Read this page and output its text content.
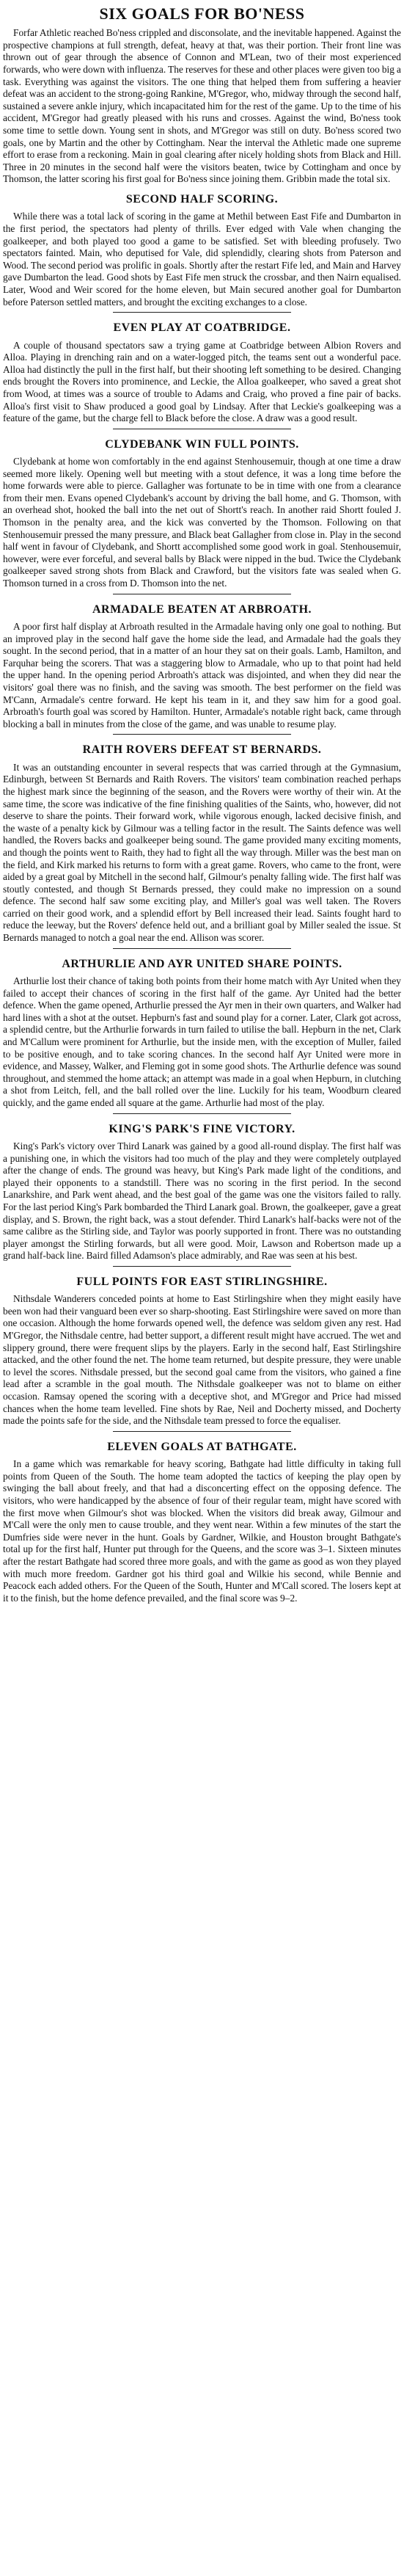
SIX GOALS FOR BO'NESS

Forfar Athletic reached Bo'ness crippled and disconsolate, and the inevitable happened. Against the prospective champions at full strength, defeat, heavy at that, was their portion. Their front line was thrown out of gear through the absence of Connon and M'Lean, two of their most experienced forwards, who were down with influenza. The reserves for these and other places were given too big a task. Everything was against the visitors. The one thing that helped them from suffering a heavier defeat was an accident to the strong-going Rankine, M'Gregor, who, midway through the second half, sustained a severe ankle injury, which incapacitated him for the rest of the game. Up to the time of his accident, M'Gregor had greatly pleased with his runs and crosses. Against the wind, Bo'ness took some time to settle down. Young sent in shots, and M'Gregor was still on duty. Bo'ness scored two goals, one by Martin and the other by Cottingham. Near the interval the Athletic made one supreme effort to erase from a reckoning. Main in goal clearing after nicely holding shots from Black and Hill. Three in 20 minutes in the second half were the visitors beaten, twice by Cottingham and once by Thomson, the latter scoring his first goal for Bo'ness since joining them. Gribbin made the total six.

SECOND HALF SCORING.

While there was a total lack of scoring in the game at Methil between East Fife and Dumbarton in the first period, the spectators had plenty of thrills. Ever edged with Vale when changing the goalkeeper, and both played too good a game to be satisfied. Set with bleeding profusely. Two spectators fainted. Main, who deputised for Vale, did splendidly, clearing shots from Paterson and Wood. The second period was prolific in goals. Shortly after the restart Fife led, and Main and Harvey gave Dumbarton the lead. Good shots by East Fife men struck the crossbar, and then Nairn equalised. Later, Wood and Weir scored for the home eleven, but Main secured another goal for Dumbarton before Paterson settled matters, and brought the exciting exchanges to a close.

EVEN PLAY AT COATBRIDGE.

A couple of thousand spectators saw a trying game at Coatbridge between Albion Rovers and Alloa. Playing in drenching rain and on a water-logged pitch, the teams sent out a wonderful pace. Alloa had distinctly the pull in the first half, but their shooting left something to be desired. Changing ends brought the Rovers into prominence, and Leckie, the Alloa goalkeeper, who saved a great shot from Wood, at times was a source of trouble to Adams and Craig, who proved a fine pair of backs. Alloa's first visit to Shaw produced a good goal by Lindsay. After that Leckie's goalkeeping was a feature of the game, but the charge fell to Black before the close. A draw was a good result.

CLYDEBANK WIN FULL POINTS.

Clydebank at home won comfortably in the end against Stenhousemuir, though at one time a draw seemed more likely. Opening well but meeting with a stout defence, it was a long time before the home forwards were able to pierce. Gallagher was fortunate to be in time with one from a clearance from their men. Evans opened Clydebank's account by driving the ball home, and G. Thomson, with an overhead shot, hooked the ball into the net out of Shortt's reach. In another raid Shortt fouled J. Thomson in the penalty area, and the kick was converted by the Thomson. Following on that Stenhousemuir pressed the many pressure, and Black beat Gallagher from close in. Play in the second half went in favour of Clydebank, and Shortt accomplished some good work in goal. Stenhousemuir, however, were ever forceful, and several balls by Black were nipped in the bud. Twice the Clydebank goalkeeper saved strong shots from Black and Crawford, but the visitors fate was sealed when G. Thomson turned in a cross from D. Thomson into the net.

ARMADALE BEATEN AT ARBROATH.

A poor first half display at Arbroath resulted in the Armadale having only one goal to nothing. But an improved play in the second half gave the home side the lead, and Armadale had the goals they sought. In the second period, that in a matter of an hour they sat on their goals. Lamb, Hamilton, and Farquhar being the scorers. That was a staggering blow to Armadale, who up to that point had held the upper hand. In the opening period Arbroath's attack was disjointed, and when they did near the visitors' goal there was no finish, and the saving was smooth. The best performer on the field was M'Cann, Armadale's centre forward. He kept his team in it, and they saw him for a good goal. Arbroath's fourth goal was scored by Hamilton. Hunter, Armadale's notable right back, came through blocking a ball in minutes from the close of the game, and was unable to resume play.

RAITH ROVERS DEFEAT ST BERNARDS.

It was an outstanding encounter in several respects that was carried through at the Gymnasium, Edinburgh, between St Bernards and Raith Rovers. The visitors' team combination reached perhaps the highest mark since the beginning of the season, and the Rovers were worthy of their win. At the same time, the score was indicative of the fine finishing qualities of the Saints, who, however, did not deserve to share the points. Their forward work, while vigorous enough, lacked decisive finish, and the waste of a penalty kick by Gilmour was a telling factor in the result. The Saints defence was well handled, the Rovers backs and goalkeeper being sound. The game provided many exciting moments, and though the points went to Raith, they had to fight all the way through. Miller was the best man on the field, and Kirk marked his returns to form with a great game. Rovers, who came to the front, were aided by a great goal by Mitchell in the second half, Gilmour's penalty falling wide. The first half was stoutly contested, and though St Bernards pressed, they could make no impression on a sound defence. The second half saw some exciting play, and Miller's goal was well taken. The Rovers carried on their good work, and a splendid effort by Bell increased their lead. Saints fought hard to reduce the leeway, but the Rovers' defence held out, and a brilliant goal by Miller sealed the issue. St Bernards managed to notch a goal near the end. Allison was scorer.

ARTHURLIE AND AYR UNITED SHARE POINTS.

Arthurlie lost their chance of taking both points from their home match with Ayr United when they failed to accept their chances of scoring in the first half of the game. Ayr United had the better defence. When the game opened, Arthurlie pressed the Ayr men in their own quarters, and Walker had hard lines with a shot at the outset. Hepburn's fast and sound play for a corner. Later, Clark got across, a splendid centre, but the Arthurlie forwards in turn failed to utilise the ball. Hepburn in the net, Clark and M'Callum were prominent for Arthurlie, but the inside men, with the exception of Muller, failed to be positive enough, and to take scoring chances. In the second half Ayr United were more in evidence, and Massey, Walker, and Fleming got in some good shots. The Arthurlie defence was sound throughout, and stemmed the home attack; an attempt was made in a goal when Hepburn, in clutching a shot from Leitch, fell, and the ball rolled over the line. Luckily for his team, Woodburn cleared quickly, and the game ended all square at the game. Arthurlie had most of the play.

KING'S PARK'S FINE VICTORY.

King's Park's victory over Third Lanark was gained by a good all-round display. The first half was a punishing one, in which the visitors had too much of the play and they were completely outplayed after the change of ends. The ground was heavy, but King's Park made light of the conditions, and played their opponents to a standstill. There was no scoring in the first period. In the second Lanarkshire, and Park went ahead, and the best goal of the game was one the visitors failed to rally. For the last period King's Park bombarded the Third Lanark goal. Brown, the goalkeeper, gave a great display, and S. Brown, the right back, was a stout defender. Third Lanark's half-backs were not of the same calibre as the Stirling side, and Taylor was poorly supported in front. There was no outstanding player amongst the Stirling forwards, but all were good. Moir, Lawson and Robertson made up a grand half-back line. Baird filled Adamson's place admirably, and Rae was seen at his best.

FULL POINTS FOR EAST STIRLINGSHIRE.

Nithsdale Wanderers conceded points at home to East Stirlingshire when they might easily have been won had their vanguard been ever so sharp-shooting. East Stirlingshire were saved on more than one occasion. Although the home forwards opened well, the defence was seldom given any rest. Had M'Gregor, the Nithsdale centre, had better support, a different result might have accrued. The wet and slippery ground, there were frequent slips by the players. Early in the second half, East Stirlingshire attacked, and the other found the net. The home team returned, but despite pressure, they were unable to level the scores. Nithsdale pressed, but the second goal came from the visitors, who gained a fine lead after a scramble in the goal mouth. The Nithsdale goalkeeper was not to blame on either occasion. Ramsay opened the scoring with a deceptive shot, and M'Gregor and Price had missed chances when the home team levelled. Fine shots by Rae, Neil and Docherty missed, and Docherty made the points safe for the side, and the Nithsdale team pressed to force the equaliser.

ELEVEN GOALS AT BATHGATE.

In a game which was remarkable for heavy scoring, Bathgate had little difficulty in taking full points from Queen of the South. The home team adopted the tactics of keeping the play open by swinging the ball about freely, and that had a disconcerting effect on the opposing defence. The visitors, who were handicapped by the absence of four of their regular team, might have scored with the first move when Gilmour's shot was blocked. When the visitors did break away, Gilmour and M'Call were the only men to cause trouble, and they went near. Within a few minutes of the start the Dumfries side were never in the hunt. Goals by Gardner, Wilkie, and Houston brought Bathgate's total up for the first half, Hunter put through for the Queens, and the score was 3–1. Sixteen minutes after the restart Bathgate had scored three more goals, and with the game as good as won they played with much more freedom. Gardner got his third goal and Wilkie his second, while Bennie and Peacock each added others. For the Queen of the South, Hunter and M'Call scored. The losers kept at it to the finish, but the home defence prevailed, and the final score was 9–2.
